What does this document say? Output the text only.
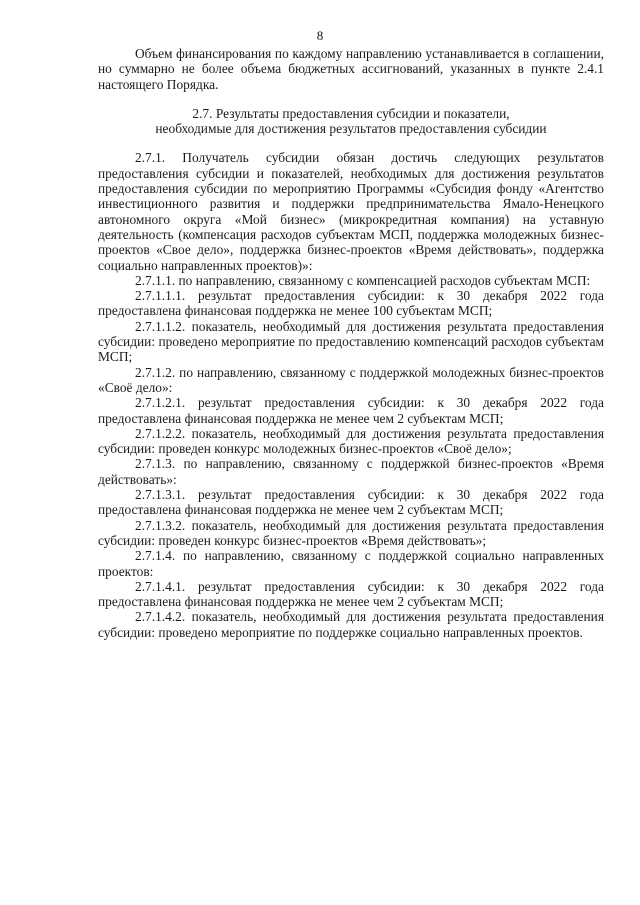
8

Объем финансирования по каждому направлению устанавливается в соглашении, но суммарно не более объема бюджетных ассигнований, указанных в пункте 2.4.1 настоящего Порядка.

2.7. Результаты предоставления субсидии и показатели,
необходимые для достижения результатов предоставления субсидии

2.7.1. Получатель субсидии обязан достичь следующих результатов предоставления субсидии и показателей, необходимых для достижения результатов предоставления субсидии по мероприятию Программы «Субсидия фонду «Агентство инвестиционного развития и поддержки предпринимательства Ямало-Ненецкого автономного округа «Мой бизнес» (микрокредитная компания) на уставную деятельность (компенсация расходов субъектам МСП, поддержка молодежных бизнес-проектов «Свое дело», поддержка бизнес-проектов «Время действовать», поддержка социально направленных проектов)»:

2.7.1.1. по направлению, связанному с компенсацией расходов субъектам МСП:

2.7.1.1.1. результат предоставления субсидии: к 30 декабря 2022 года предоставлена финансовая поддержка не менее 100 субъектам МСП;

2.7.1.1.2. показатель, необходимый для достижения результата предоставления субсидии: проведено мероприятие по предоставлению компенсаций расходов субъектам МСП;

2.7.1.2. по направлению, связанному с поддержкой молодежных бизнес-проектов «Своё дело»:

2.7.1.2.1. результат предоставления субсидии: к 30 декабря 2022 года предоставлена финансовая поддержка не менее чем 2 субъектам МСП;

2.7.1.2.2. показатель, необходимый для достижения результата предоставления субсидии: проведен конкурс молодежных бизнес-проектов «Своё дело»;

2.7.1.3. по направлению, связанному с поддержкой бизнес-проектов «Время действовать»:

2.7.1.3.1. результат предоставления субсидии: к 30 декабря 2022 года предоставлена финансовая поддержка не менее чем 2 субъектам МСП;

2.7.1.3.2. показатель, необходимый для достижения результата предоставления субсидии: проведен конкурс бизнес-проектов «Время действовать»;

2.7.1.4. по направлению, связанному с поддержкой социально направленных проектов:

2.7.1.4.1. результат предоставления субсидии: к 30 декабря 2022 года предоставлена финансовая поддержка не менее чем 2 субъектам МСП;

2.7.1.4.2. показатель, необходимый для достижения результата предоставления субсидии: проведено мероприятие по поддержке социально направленных проектов.
